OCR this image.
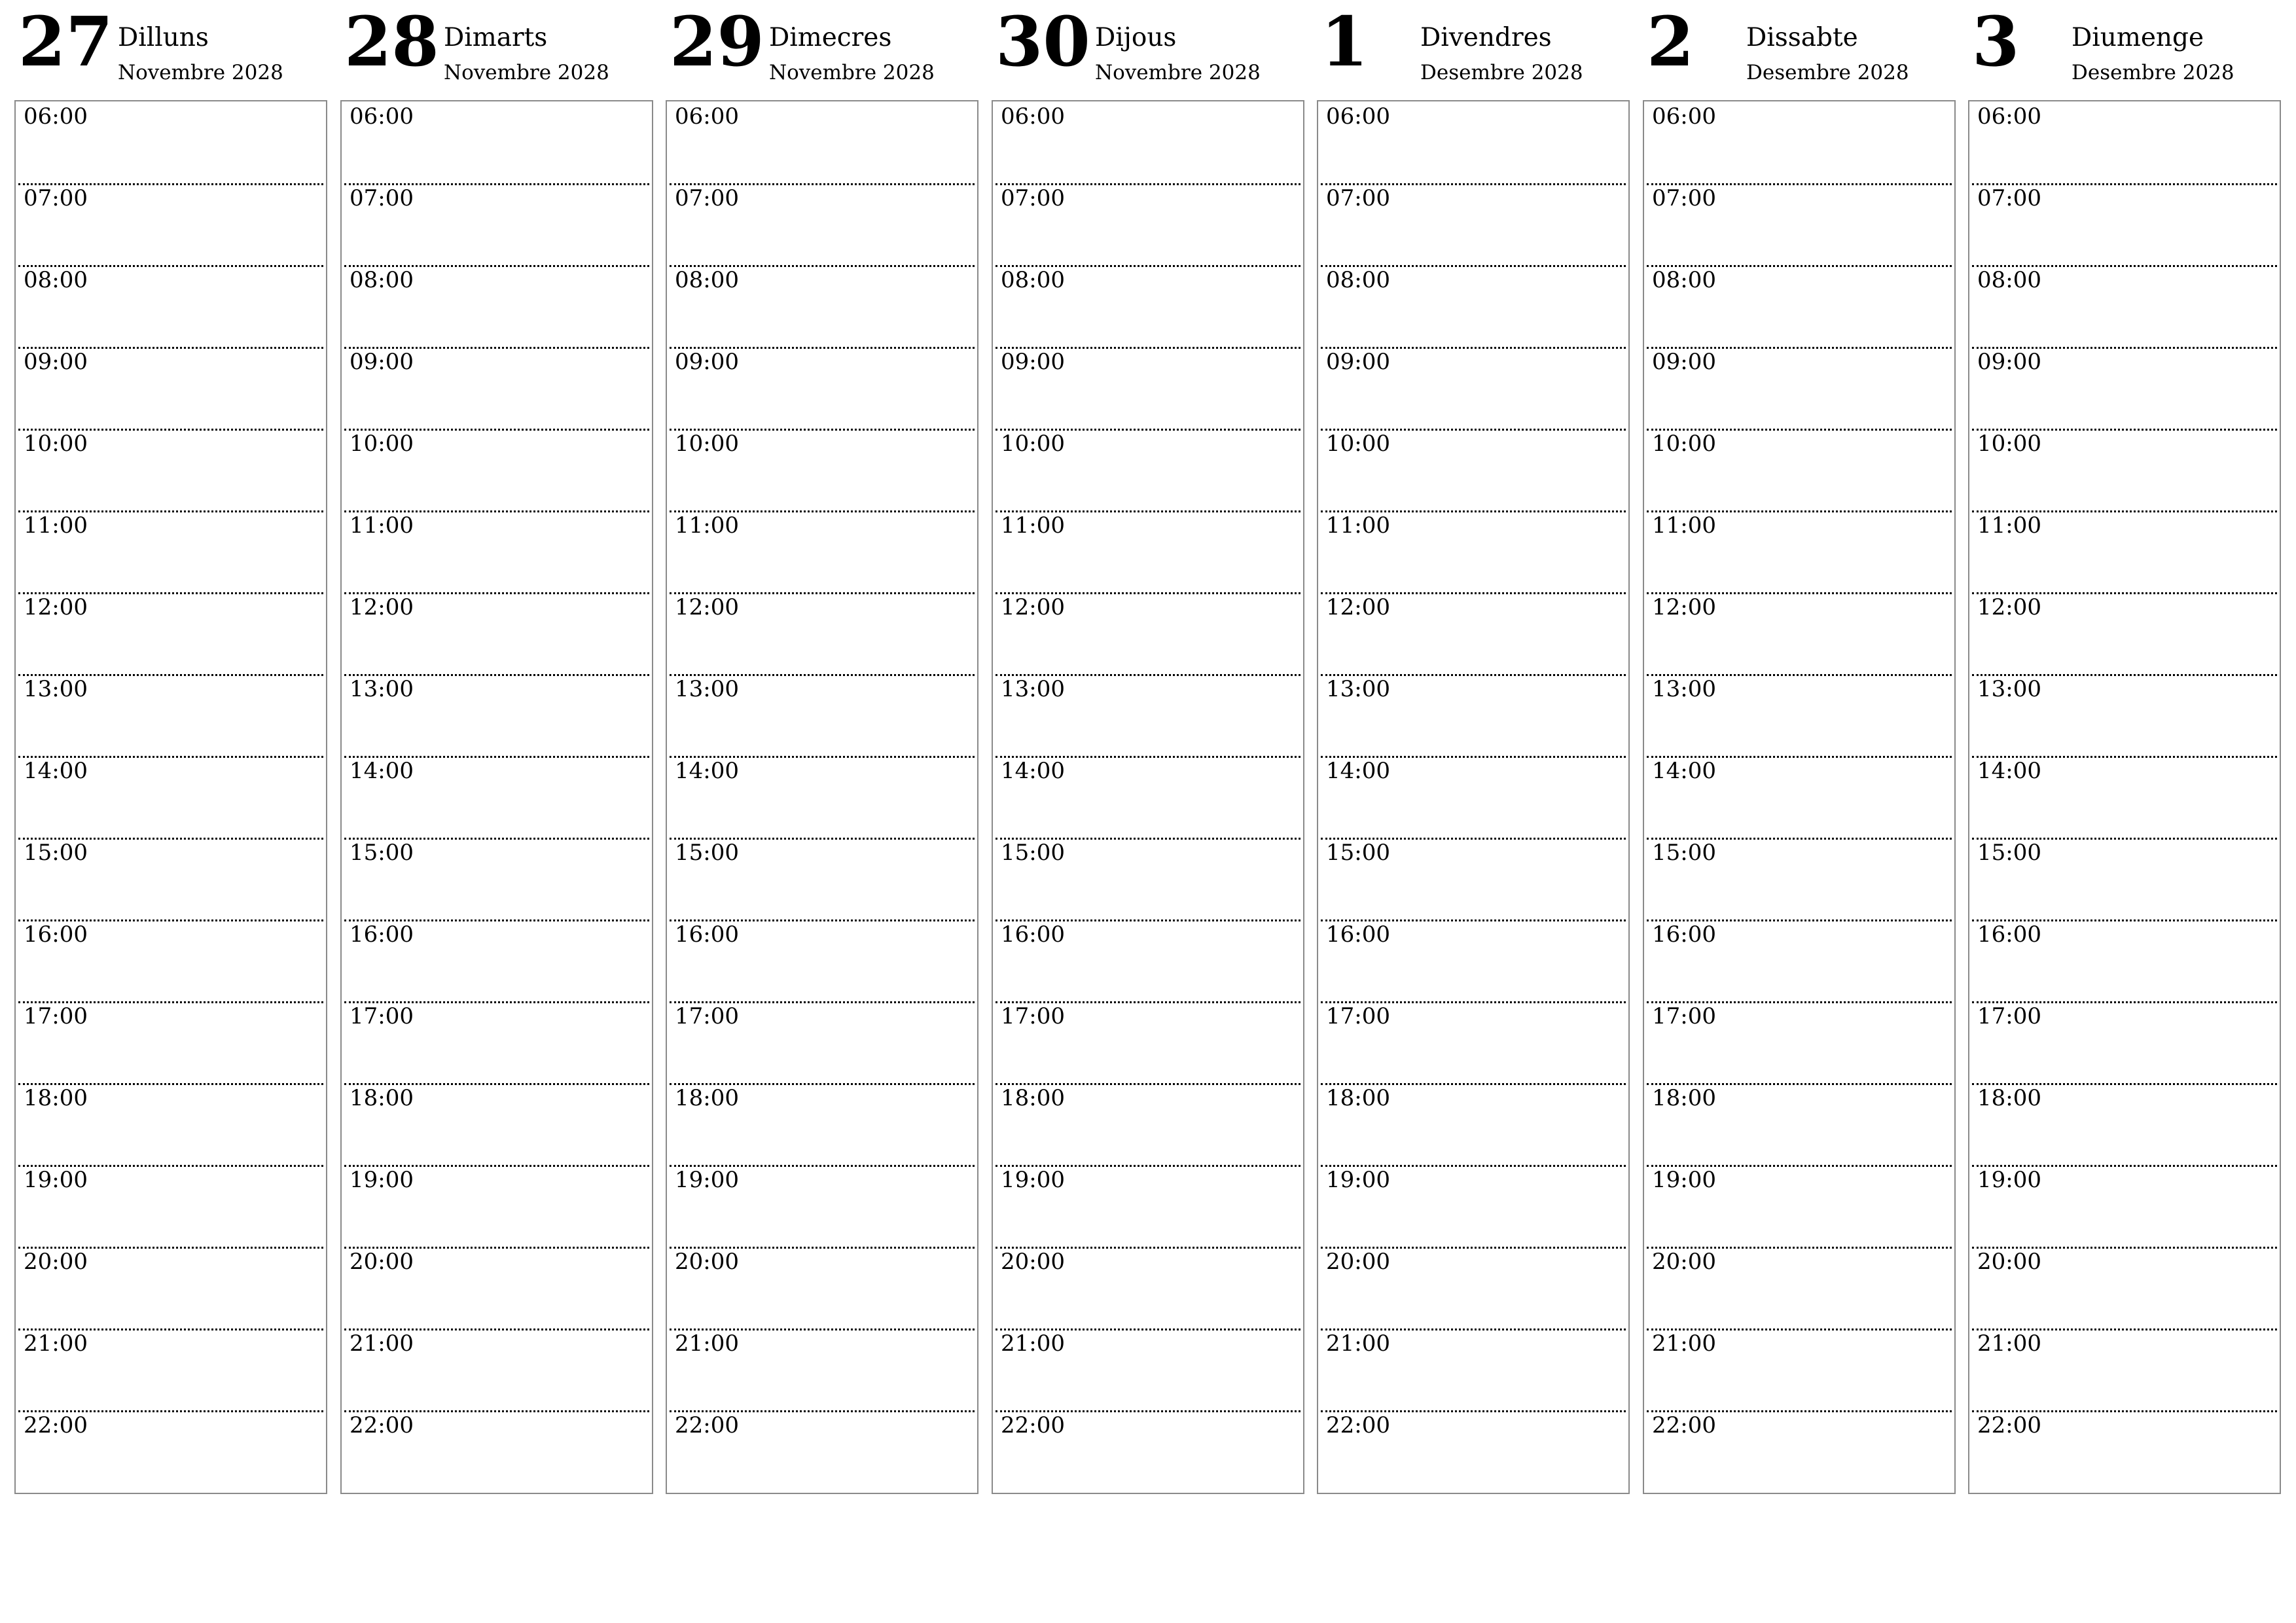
27 Dilluns
Novembre 2028
06:00
07:00
08:00
09:00
10:00
11:00
12:00
13:00
14:00
15:00
16:00
17:00
18:00
19:00
20:00
21:00
22:00
28 Dimarts
Novembre 2028
06:00
07:00
08:00
09:00
10:00
11:00
12:00
13:00
14:00
15:00
16:00
17:00
18:00
19:00
20:00
21:00
22:00
29 Dimecres
Novembre 2028
06:00
07:00
08:00
09:00
10:00
11:00
12:00
13:00
14:00
15:00
16:00
17:00
18:00
19:00
20:00
21:00
22:00
30 Dijous
Novembre 2028
06:00
07:00
08:00
09:00
10:00
11:00
12:00
13:00
14:00
15:00
16:00
17:00
18:00
19:00
20:00
21:00
22:00
1 Divendres
Desembre 2028
06:00
07:00
08:00
09:00
10:00
11:00
12:00
13:00
14:00
15:00
16:00
17:00
18:00
19:00
20:00
21:00
22:00
2 Dissabte
Desembre 2028
06:00
07:00
08:00
09:00
10:00
11:00
12:00
13:00
14:00
15:00
16:00
17:00
18:00
19:00
20:00
21:00
22:00
3 Diumenge
Desembre 2028
06:00
07:00
08:00
09:00
10:00
11:00
12:00
13:00
14:00
15:00
16:00
17:00
18:00
19:00
20:00
21:00
22:00
